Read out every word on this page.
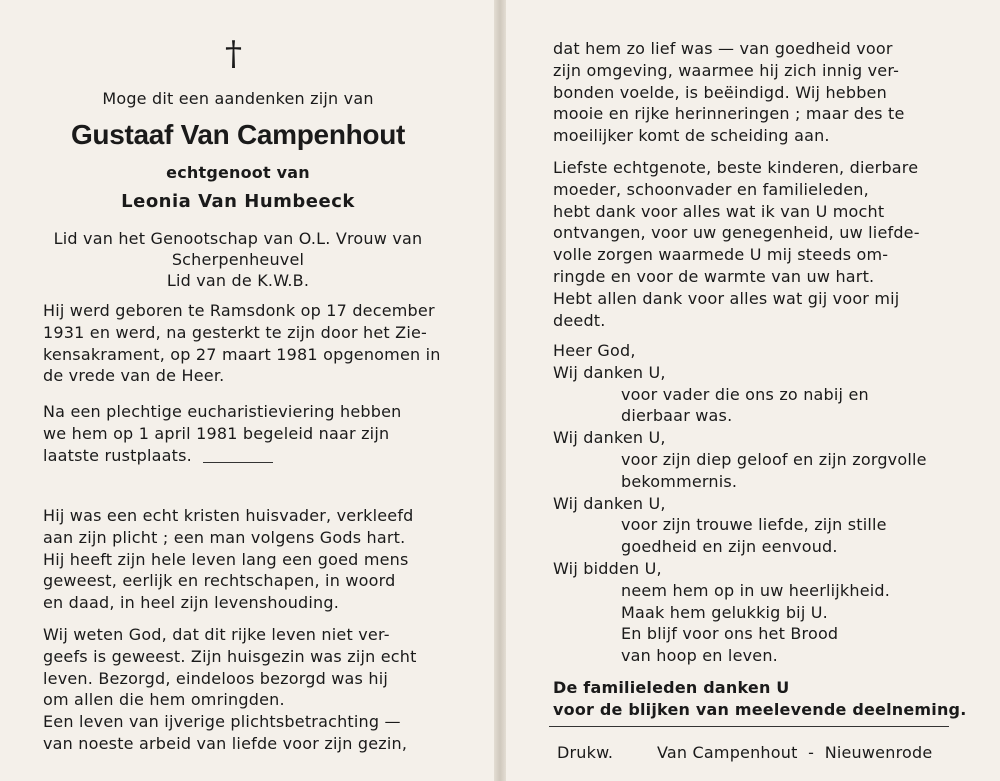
†
Moge dit een aandenken zijn van
Gustaaf Van Campenhout
echtgenoot van
Leonia Van Humbeeck
Lid van het Genootschap van O.L. Vrouw van
Scherpenheuvel
Lid van de K.W.B.
Hij werd geboren te Ramsdonk op 17 december
1931 en werd, na gesterkt te zijn door het Zie-
kensakrament, op 27 maart 1981 opgenomen in
de vrede van de Heer.
Na een plechtige eucharistieviering hebben
we hem op 1 april 1981 begeleid naar zijn
laatste rustplaats.
Hij was een echt kristen huisvader, verkleefd
aan zijn plicht ; een man volgens Gods hart.
Hij heeft zijn hele leven lang een goed mens
geweest, eerlijk en rechtschapen, in woord
en daad, in heel zijn levenshouding.
Wij weten God, dat dit rijke leven niet ver-
geefs is geweest. Zijn huisgezin was zijn echt
leven. Bezorgd, eindeloos bezorgd was hij
om allen die hem omringden.
Een leven van ijverige plichtsbetrachting —
van noeste arbeid van liefde voor zijn gezin,
dat hem zo lief was — van goedheid voor
zijn omgeving, waarmee hij zich innig ver-
bonden voelde, is beëindigd. Wij hebben
mooie en rijke herinneringen ; maar des te
moeilijker komt de scheiding aan.
Liefste echtgenote, beste kinderen, dierbare
moeder, schoonvader en familieleden,
hebt dank voor alles wat ik van U mocht
ontvangen, voor uw genegenheid, uw liefde-
volle zorgen waarmede U mij steeds om-
ringde en voor de warmte van uw hart.
Hebt allen dank voor alles wat gij voor mij
deedt.
Heer God,
Wij danken U,
voor vader die ons zo nabij en
dierbaar was.
Wij danken U,
voor zijn diep geloof en zijn zorgvolle
bekommernis.
Wij danken U,
voor zijn trouwe liefde, zijn stille
goedheid en zijn eenvoud.
Wij bidden U,
neem hem op in uw heerlijkheid.
Maak hem gelukkig bij U.
En blijf voor ons het Brood
van hoop en leven.
De familieleden danken U
voor de blijken van meelevende deelneming.
Drukw.	Van Campenhout  -  Nieuwenrode
